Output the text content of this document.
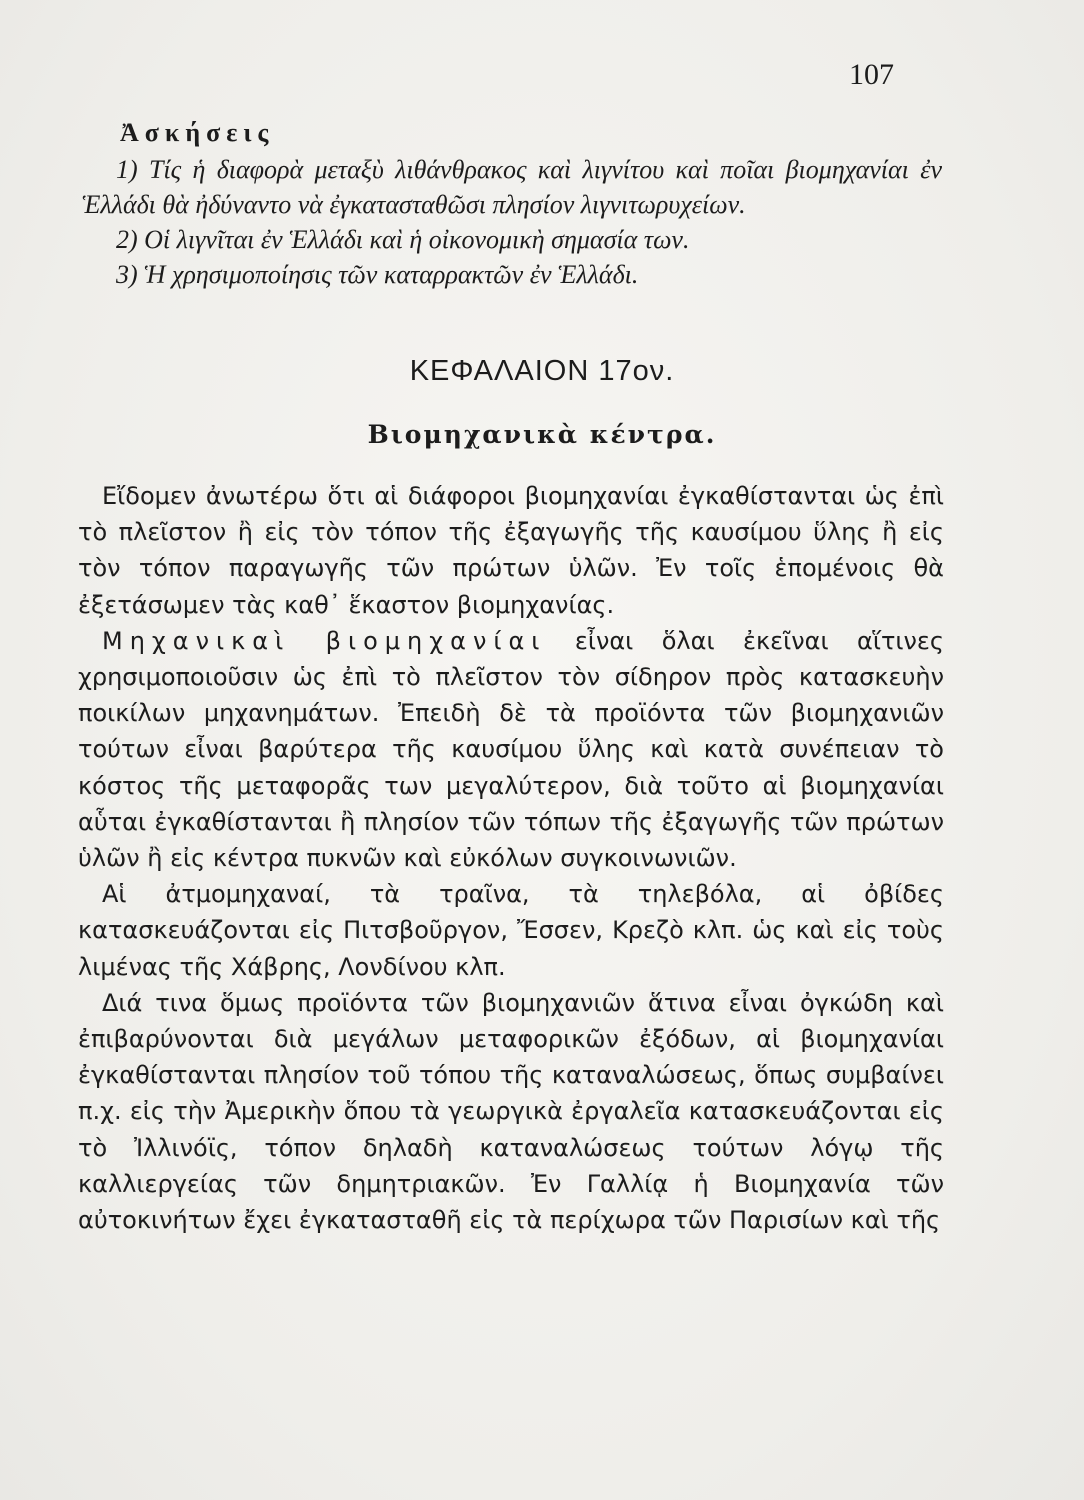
107
Ἀσκήσεις

1) Τίς ἡ διαφορὰ μεταξὺ λιθάνθρακος καὶ λιγνίτου καὶ ποῖαι βιομηχανίαι ἐν Ἑλλάδι θὰ ἠδύναντο νὰ ἐγκατασταθῶσι πλησίον λιγνιτωρυχείων.

2) Οἱ λιγνῖται ἐν Ἑλλάδι καὶ ἡ οἰκονομικὴ σημασία των.

3) Ἡ χρησιμοποίησις τῶν καταρρακτῶν ἐν Ἑλλάδι.

ΚΕΦΑΛΑΙΟΝ 17ον.
Βιομηχανικὰ κέντρα.

Εἴδομεν ἀνωτέρω ὅτι αἱ διάφοροι βιομηχανίαι ἐγκαθίστανται ὡς ἐπὶ τὸ πλεῖστον ἢ εἰς τὸν τόπον τῆς ἐξαγωγῆς τῆς καυσίμου ὕλης ἢ εἰς τὸν τόπον παραγωγῆς τῶν πρώτων ὑλῶν. Ἐν τοῖς ἑπομένοις θὰ ἐξετάσωμεν τὰς καθ᾿ ἕκαστον βιομηχανίας.

Μηχανικαὶ βιομηχανίαι εἶναι ὅλαι ἐκεῖναι αἵτινες χρησιμοποιοῦσιν ὡς ἐπὶ τὸ πλεῖστον τὸν σίδηρον πρὸς κατασκευὴν ποικίλων μηχανημάτων. Ἐπειδὴ δὲ τὰ προϊόντα τῶν βιομηχανιῶν τούτων εἶναι βαρύτερα τῆς καυσίμου ὕλης καὶ κατὰ συνέπειαν τὸ κόστος τῆς μεταφορᾶς των μεγαλύτερον, διὰ τοῦτο αἱ βιομηχανίαι αὗται ἐγκαθίστανται ἢ πλησίον τῶν τόπων τῆς ἐξαγωγῆς τῶν πρώτων ὑλῶν ἢ εἰς κέντρα πυκνῶν καὶ εὐκόλων συγκοινωνιῶν.

Αἱ ἀτμομηχαναί, τὰ τραῖνα, τὰ τηλεβόλα, αἱ ὀβίδες κατασκευάζονται εἰς Πιτσβοῦργον, Ἔσσεν, Κρεζὸ κλπ. ὡς καὶ εἰς τοὺς λιμένας τῆς Χάβρης, Λονδίνου κλπ.

Διά τινα ὅμως προϊόντα τῶν βιομηχανιῶν ἅτινα εἶναι ὀγκώδη καὶ ἐπιβαρύνονται διὰ μεγάλων μεταφορικῶν ἐξόδων, αἱ βιομηχανίαι ἐγκαθίστανται πλησίον τοῦ τόπου τῆς καταναλώσεως, ὅπως συμβαίνει π.χ. εἰς τὴν Ἀμερικὴν ὅπου τὰ γεωργικὰ ἐργαλεῖα κατασκευάζονται εἰς τὸ Ἰλλινόϊς, τόπον δηλαδὴ καταναλώσεως τούτων λόγῳ τῆς καλλιεργείας τῶν δημητριακῶν. Ἐν Γαλλίᾳ ἡ Βιομηχανία τῶν αὐτοκινήτων ἔχει ἐγκατασταθῆ εἰς τὰ περίχωρα τῶν Παρισίων καὶ τῆς
